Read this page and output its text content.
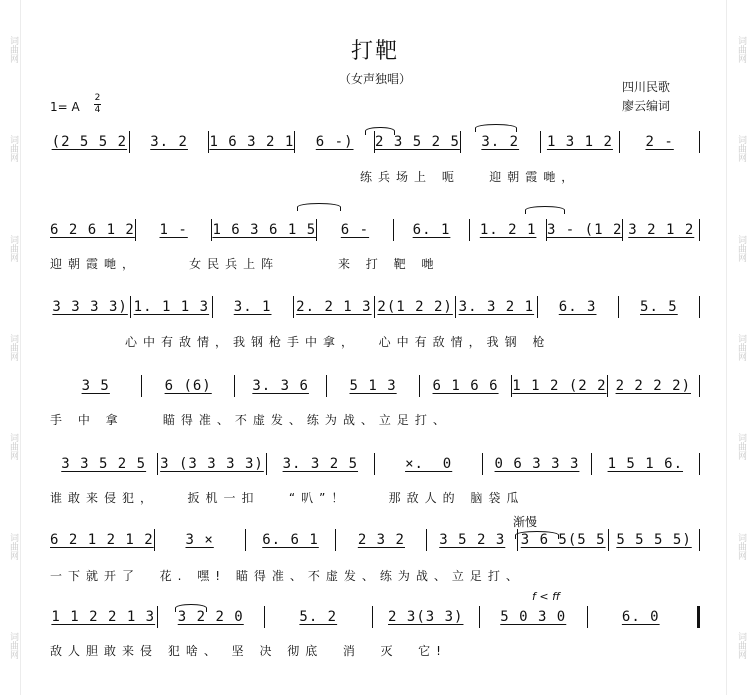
词曲网
词曲网
词曲网
词曲网
词曲网
词曲网
词曲网
词曲网
词曲网
词曲网
词曲网
词曲网
词曲网
词曲网
打靶
（女声独唱）
四川民歌
廖云编词
1= A
2
4
渐慢
f < ff
(2 5 5 2	3. 2	1 6 3 2 1	6 -)	2 3 5 2 5	3. 2	1 3 1 2	2 -
练兵场上 呃   迎朝霞哋，
6 2 6 1 2	1 -	1 6 3 6 1 5	6 -	6. 1	1. 2 1 3 - (1 2 3 2 1 2
迎朝霞哋，     女民兵上阵      来 打 靶 哋
3 3 3 3) 1. 1 1 3	3. 1	2. 2 1 3 2(1 2 2) 3. 3 2 1	6. 3	5. 5
心中有敌情，我钢枪手中拿，  心中有敌情，我钢 枪
3 5	6 (6)	3. 3 6	5 1 3	6 1 6 6 1 1 2 (2 2 2 2 2 2)
手 中 拿    瞄得准、不虚发、练为战、立足打、
3 3 5 2 5	3 (3 3 3 3)	3. 3 2 5	×.  0	0 6 3 3 3	1 5 1 6.
谁敢来侵犯，   扳机一扣   “叭”！    那敌人的 脑袋瓜
6 2 1 2 1 2	3 ×	6. 6 1	2 3 2	3 5 2 3	3 6 5(5 5 5 5 5 5)
一下就开了  花. 嘿! 瞄得准、不虚发、练为战、立足打、
1 1 2 2 1 3	3 2 2 0	5. 2	2 3(3 3)	5 0 3 0	6. 0
敌人胆敢来侵 犯啥、 坚 决 彻底  消  灭  它!
